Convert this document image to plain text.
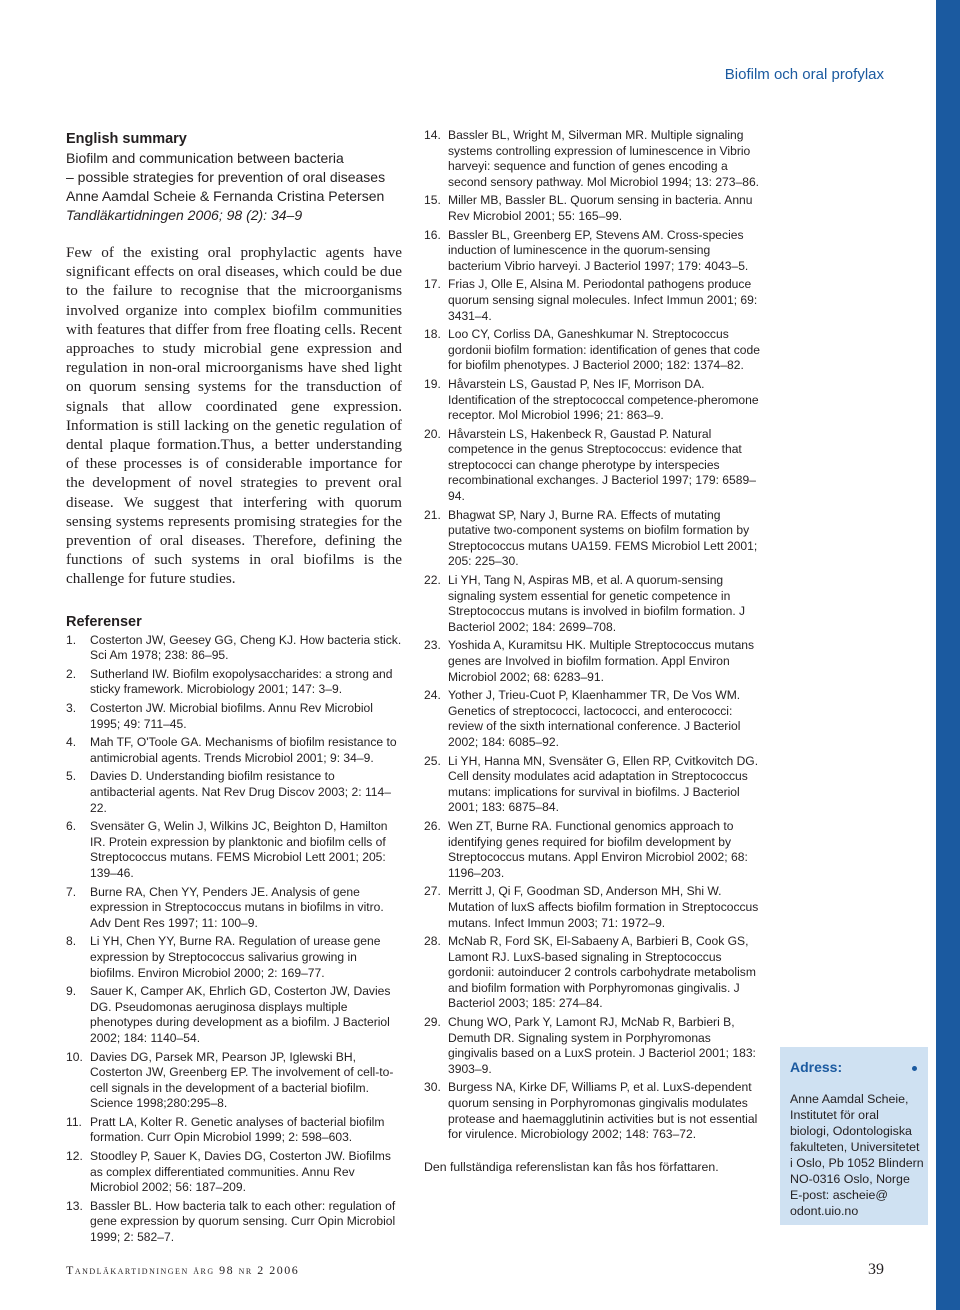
Biofilm och oral profylax

English summary

Biofilm and communication between bacteria

– possible strategies for prevention of oral diseases

Anne Aamdal Scheie & Fernanda Cristina Petersen

Tandläkartidningen 2006; 98 (2): 34–9

Few of the existing oral prophylactic agents have significant effects on oral diseases, which could be due to the failure to recognise that the microorganisms involved organize into complex biofilm communities with features that differ from free floating cells. Recent approaches to study microbial gene expression and regulation in non-oral microorganisms have shed light on quorum sensing systems for the transduction of signals that allow coordinated gene expression. Information is still lacking on the genetic regulation of dental plaque formation.Thus, a better understanding of these processes is of considerable importance for the development of novel strategies to prevent oral disease. We suggest that interfering with quorum sensing systems represents promising strategies for the prevention of oral diseases. Therefore, defining the functions of such systems in oral biofilms is the challenge for future studies.

Referenser

1. Costerton JW, Geesey GG, Cheng KJ. How bacteria stick. Sci Am 1978; 238: 86–95.
2. Sutherland IW. Biofilm exopolysaccharides: a strong and sticky framework. Microbiology 2001; 147: 3–9.
3. Costerton JW. Microbial biofilms. Annu Rev Microbiol 1995; 49: 711–45.
4. Mah TF, O'Toole GA. Mechanisms of biofilm resistance to antimicrobial agents. Trends Microbiol 2001; 9: 34–9.
5. Davies D. Understanding biofilm resistance to antibacterial agents. Nat Rev Drug Discov 2003; 2: 114–22.
6. Svensäter G, Welin J, Wilkins JC, Beighton D, Hamilton IR. Protein expression by planktonic and biofilm cells of Streptococcus mutans. FEMS Microbiol Lett 2001; 205: 139–46.
7. Burne RA, Chen YY, Penders JE. Analysis of gene expression in Streptococcus mutans in biofilms in vitro. Adv Dent Res 1997; 11: 100–9.
8. Li YH, Chen YY, Burne RA. Regulation of urease gene expression by Streptococcus salivarius growing in biofilms. Environ Microbiol 2000; 2: 169–77.
9. Sauer K, Camper AK, Ehrlich GD, Costerton JW, Davies DG. Pseudomonas aeruginosa displays multiple phenotypes during development as a biofilm. J Bacteriol 2002; 184: 1140–54.
10. Davies DG, Parsek MR, Pearson JP, Iglewski BH, Costerton JW, Greenberg EP. The involvement of cell-to-cell signals in the development of a bacterial biofilm. Science 1998;280:295–8.
11. Pratt LA, Kolter R. Genetic analyses of bacterial biofilm formation. Curr Opin Microbiol 1999; 2: 598–603.
12. Stoodley P, Sauer K, Davies DG, Costerton JW. Biofilms as complex differentiated communities. Annu Rev Microbiol 2002; 56: 187–209.
13. Bassler BL. How bacteria talk to each other: regulation of gene expression by quorum sensing. Curr Opin Microbiol 1999; 2: 582–7.
14. Bassler BL, Wright M, Silverman MR. Multiple signaling systems controlling expression of luminescence in Vibrio harveyi: sequence and function of genes encoding a second sensory pathway. Mol Microbiol 1994; 13: 273–86.
15. Miller MB, Bassler BL. Quorum sensing in bacteria. Annu Rev Microbiol 2001; 55: 165–99.
16. Bassler BL, Greenberg EP, Stevens AM. Cross-species induction of luminescence in the quorum-sensing bacterium Vibrio harveyi. J Bacteriol 1997; 179: 4043–5.
17. Frias J, Olle E, Alsina M. Periodontal pathogens produce quorum sensing signal molecules. Infect Immun 2001; 69: 3431–4.
18. Loo CY, Corliss DA, Ganeshkumar N. Streptococcus gordonii biofilm formation: identification of genes that code for biofilm phenotypes. J Bacteriol 2000; 182: 1374–82.
19. Håvarstein LS, Gaustad P, Nes IF, Morrison DA. Identification of the streptococcal competence-pheromone receptor. Mol Microbiol 1996; 21: 863–9.
20. Håvarstein LS, Hakenbeck R, Gaustad P. Natural competence in the genus Streptococcus: evidence that streptococci can change pherotype by interspecies recombinational exchanges. J Bacteriol 1997; 179: 6589–94.
21. Bhagwat SP, Nary J, Burne RA. Effects of mutating putative two-component systems on biofilm formation by Streptococcus mutans UA159. FEMS Microbiol Lett 2001; 205: 225–30.
22. Li YH, Tang N, Aspiras MB, et al. A quorum-sensing signaling system essential for genetic competence in Streptococcus mutans is involved in biofilm formation. J Bacteriol 2002; 184: 2699–708.
23. Yoshida A, Kuramitsu HK. Multiple Streptococcus mutans genes are Involved in biofilm formation. Appl Environ Microbiol 2002; 68: 6283–91.
24. Yother J, Trieu-Cuot P, Klaenhammer TR, De Vos WM. Genetics of streptococci, lactococci, and enterococci: review of the sixth international conference. J Bacteriol 2002; 184: 6085–92.
25. Li YH, Hanna MN, Svensäter G, Ellen RP, Cvitkovitch DG. Cell density modulates acid adaptation in Streptococcus mutans: implications for survival in biofilms. J Bacteriol 2001; 183: 6875–84.
26. Wen ZT, Burne RA. Functional genomics approach to identifying genes required for biofilm development by Streptococcus mutans. Appl Environ Microbiol 2002; 68: 1196–203.
27. Merritt J, Qi F, Goodman SD, Anderson MH, Shi W. Mutation of luxS affects biofilm formation in Streptococcus mutans. Infect Immun 2003; 71: 1972–9.
28. McNab R, Ford SK, El-Sabaeny A, Barbieri B, Cook GS, Lamont RJ. LuxS-based signaling in Streptococcus gordonii: autoinducer 2 controls carbohydrate metabolism and biofilm formation with Porphyromonas gingivalis. J Bacteriol 2003; 185: 274–84.
29. Chung WO, Park Y, Lamont RJ, McNab R, Barbieri B, Demuth DR. Signaling system in Porphyromonas gingivalis based on a LuxS protein. J Bacteriol 2001; 183: 3903–9.
30. Burgess NA, Kirke DF, Williams P, et al. LuxS-dependent quorum sensing in Porphyromonas gingivalis modulates protease and haemagglutinin activities but is not essential for virulence. Microbiology 2002; 148: 763–72.

Den fullständiga referenslistan kan fås hos författaren.

Adress:

Anne Aamdal Scheie,
Institutet för oral
biologi, Odontologiska
fakulteten, Universitetet
i Oslo, Pb 1052 Blindern
NO-0316 Oslo, Norge
E-post: ascheie@
odont.uio.no
Tandläkartidningen årg 98 nr 2 2006	39
